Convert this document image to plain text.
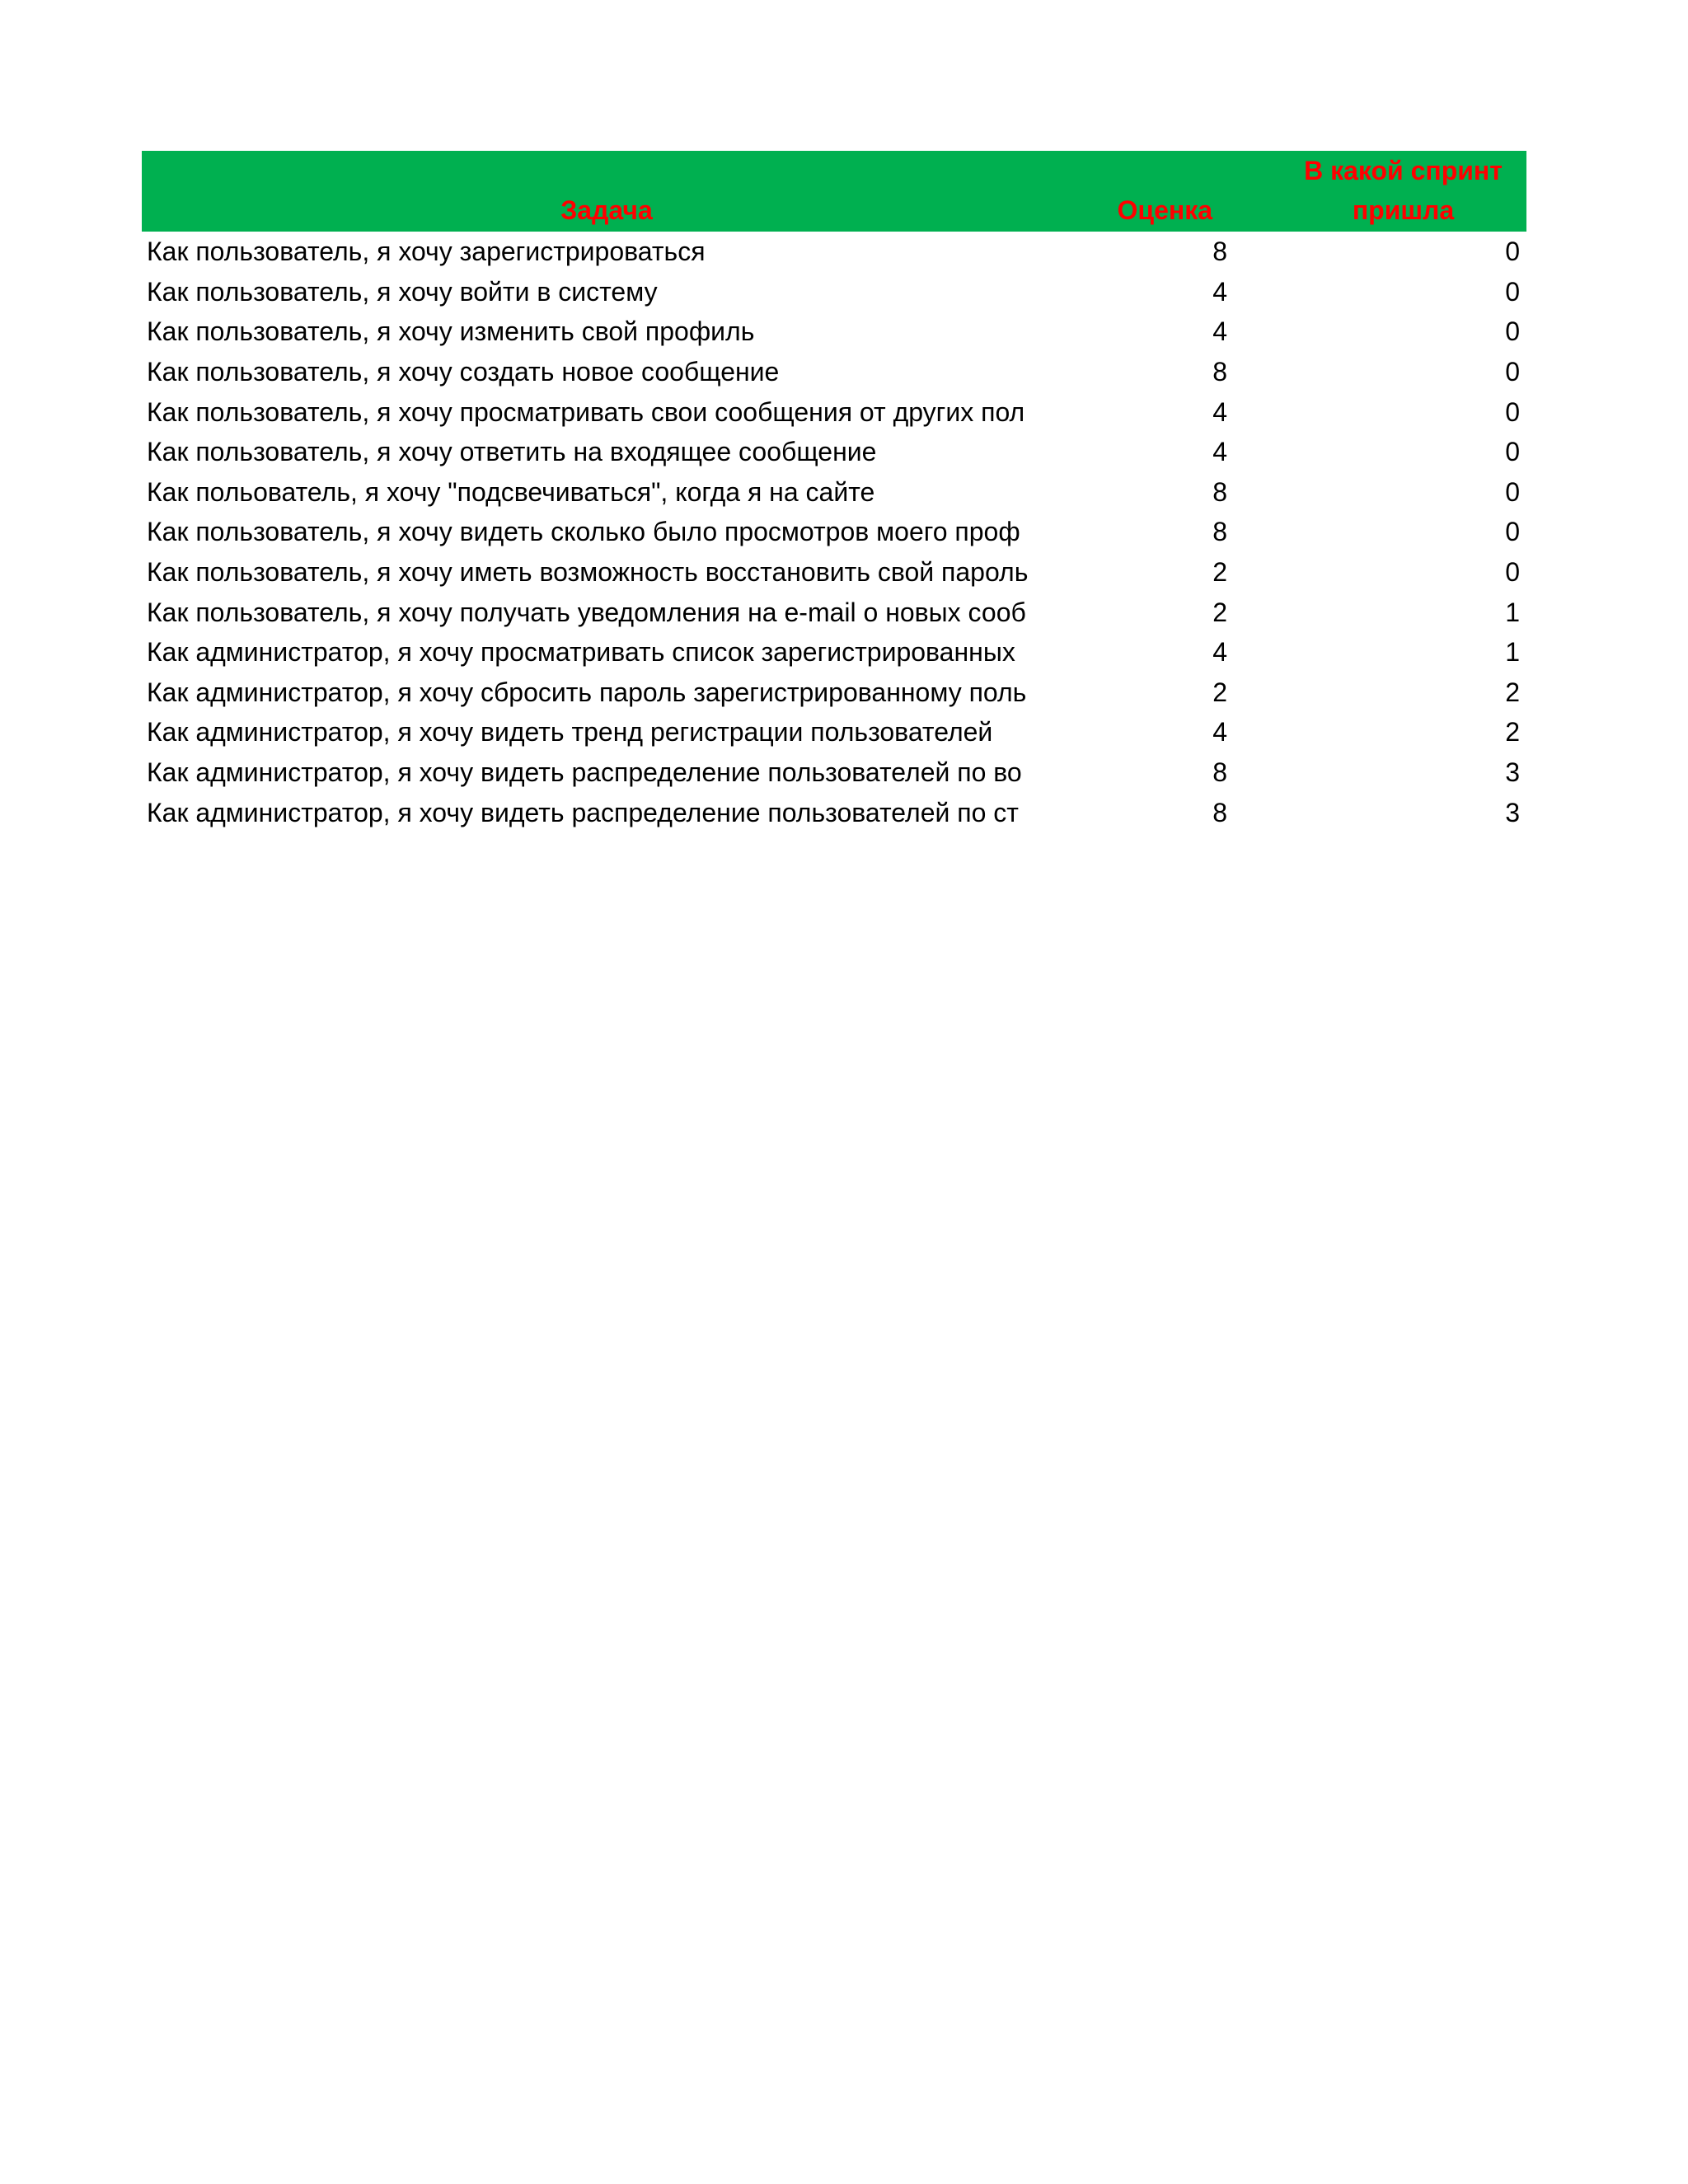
Задача	Оценка	В какой спринт пришла
Как пользователь, я хочу зарегистрироваться	8	0
Как пользователь, я хочу войти в систему	4	0
Как пользователь, я хочу изменить свой профиль	4	0
Как пользователь, я хочу создать новое сообщение	8	0
Как пользователь, я хочу просматривать свои сообщения от других пол	4	0
Как пользователь, я хочу ответить на входящее сообщение	4	0
Как польователь, я хочу "подсвечиваться", когда я на сайте	8	0
Как пользователь, я хочу видеть сколько было просмотров моего проф	8	0
Как пользователь, я хочу иметь возможность восстановить свой пароль	2	0
Как пользователь, я хочу получать уведомления на e-mail о новых сооб	2	1
Как администратор, я хочу просматривать список зарегистрированных	4	1
Как администратор, я хочу сбросить пароль зарегистрированному поль	2	2
Как администратор, я хочу видеть тренд регистрации пользователей	4	2
Как администратор, я хочу видеть распределение пользователей по во	8	3
Как администратор, я хочу видеть распределение пользователей по ст	8	3
